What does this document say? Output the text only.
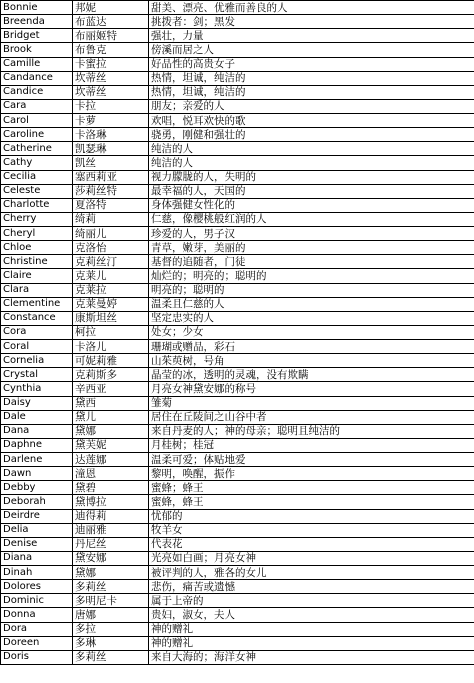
Bonnie	邦妮	甜美、漂亮、优雅而善良的人
Breenda	布蓝达	挑拨者：剑；黑发
Bridget	布丽姬特	强壮，力量
Brook	布鲁克	傍溪而居之人
Camille	卡蜜拉	好品性的高贵女子
Candance	坎蒂丝	热情，坦诚，纯洁的
Candice	坎蒂丝	热情，坦诚，纯洁的
Cara	卡拉	朋友；亲爱的人
Carol	卡萝	欢唱，悦耳欢快的歌
Caroline	卡洛琳	骁勇，刚健和强壮的
Catherine	凯瑟琳	纯洁的人
Cathy	凯丝	纯洁的人
Cecilia	塞西莉亚	视力朦胧的人，失明的
Celeste	莎莉丝特	最幸福的人，天国的
Charlotte	夏洛特	身体强健女性化的
Cherry	绮莉	仁慈，像樱桃般红润的人
Cheryl	绮丽儿	珍爱的人，男子汉
Chloe	克洛怡	青草，嫩芽，美丽的
Christine	克莉丝汀	基督的追随者，门徒
Claire	克莱儿	灿烂的；明亮的；聪明的
Clara	克莱拉	明亮的；聪明的
Clementine	克莱曼婷	温柔且仁慈的人
Constance	康斯坦丝	坚定忠实的人
Cora	柯拉	处女；少女
Coral	卡洛儿	珊瑚或赠品，彩石
Cornelia	可妮莉雅	山茱萸树，号角
Crystal	克莉斯多	晶莹的冰，透明的灵魂，没有欺瞒
Cynthia	辛西亚	月亮女神黛安娜的称号
Daisy	黛西	雏菊
Dale	黛儿	居住在丘陵间之山谷中者
Dana	黛娜	来自丹麦的人；神的母亲；聪明且纯洁的
Daphne	黛芙妮	月桂树；桂冠
Darlene	达莲娜	温柔可爱；体贴地爱
Dawn	潼恩	黎明，唤醒，振作
Debby	黛碧	蜜蜂；蜂王
Deborah	黛博拉	蜜蜂，蜂王
Deirdre	迪得莉	忧郁的
Delia	迪丽雅	牧羊女
Denise	丹尼丝	代表花
Diana	黛安娜	光亮如白画；月亮女神
Dinah	黛娜	被评判的人，雅各的女儿
Dolores	多莉丝	悲伤，痛苦或遗憾
Dominic	多明尼卡	属于上帝的
Donna	唐娜	贵妇，淑女，夫人
Dora	多拉	神的赠礼
Doreen	多琳	神的赠礼
Doris	多莉丝	来自大海的；海洋女神
